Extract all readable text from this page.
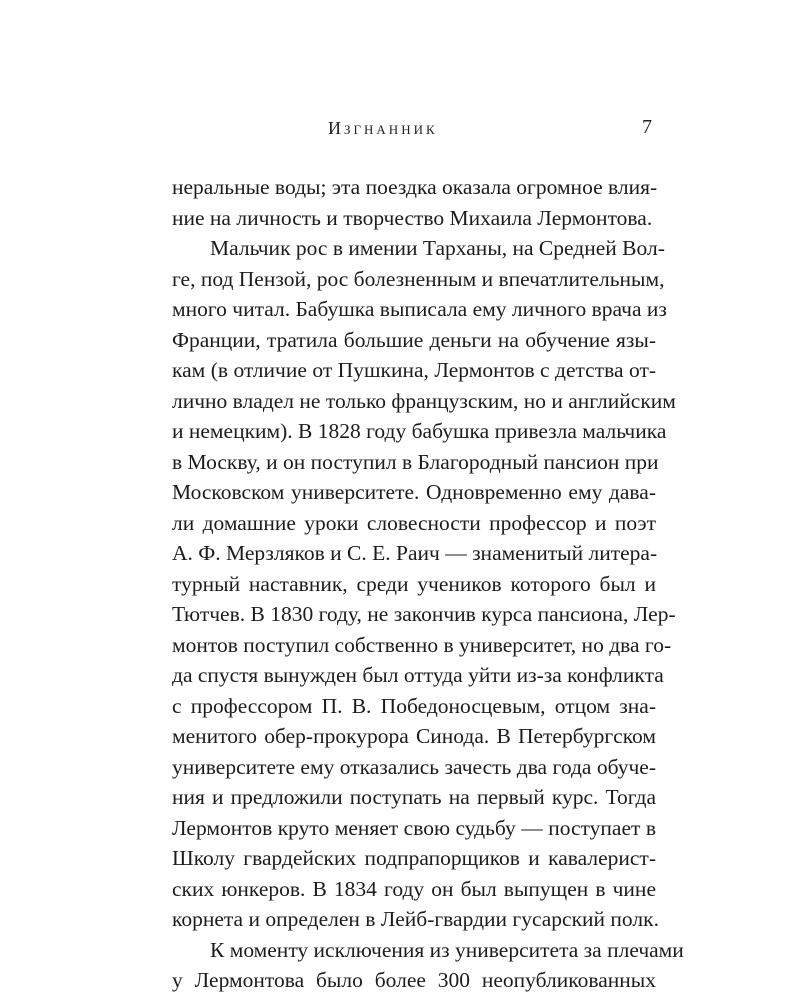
Изгнанник	7
неральные воды; эта поездка оказала огромное влия-
ние на личность и творчество Михаила Лермонтова.
Мальчик рос в имении Тарханы, на Средней Вол-
ге, под Пензой, рос болезненным и впечатлительным,
много читал. Бабушка выписала ему личного врача из
Франции, тратила большие деньги на обучение язы-
кам (в отличие от Пушкина, Лермонтов с детства от-
лично владел не только французским, но и английским
и немецким). В 1828 году бабушка привезла мальчика
в Москву, и он поступил в Благородный пансион при
Московском университете. Одновременно ему дава-
ли домашние уроки словесности профессор и поэт
А. Ф. Мерзляков и С. Е. Раич — знаменитый литера-
турный наставник, среди учеников которого был и
Тютчев. В 1830 году, не закончив курса пансиона, Лер-
монтов поступил собственно в университет, но два го-
да спустя вынужден был оттуда уйти из-за конфликта
с профессором П. В. Победоносцевым, отцом зна-
менитого обер-прокурора Синода. В Петербургском
университете ему отказались зачесть два года обуче-
ния и предложили поступать на первый курс. Тогда
Лермонтов круто меняет свою судьбу — поступает в
Школу гвардейских подпрапорщиков и кавалерист-
ских юнкеров. В 1834 году он был выпущен в чине
корнета и определен в Лейб-гвардии гусарский полк.
К моменту исключения из университета за плечами
у Лермонтова было более 300 неопубликованных
